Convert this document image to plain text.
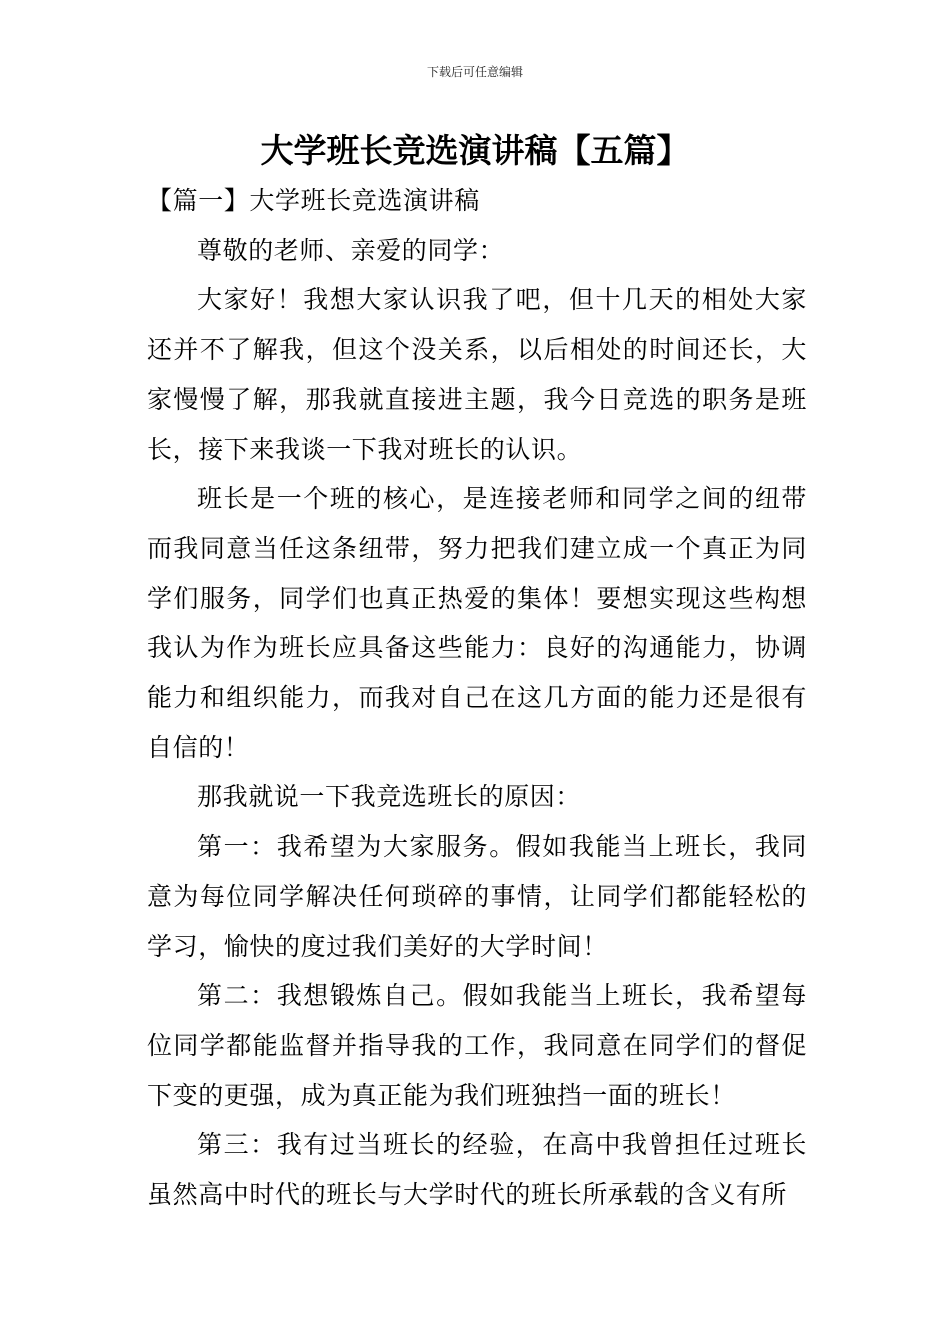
下载后可任意编辑
大学班长竞选演讲稿【五篇】

【篇一】大学班长竞选演讲稿

尊敬的老师、亲爱的同学：

大家好！我想大家认识我了吧，但十几天的相处大家还并不了解我，但这个没关系，以后相处的时间还长，大家慢慢了解，那我就直接进主题，我今日竞选的职务是班长，接下来我谈一下我对班长的认识。

班长是一个班的核心，是连接老师和同学之间的纽带而我同意当任这条纽带，努力把我们建立成一个真正为同学们服务，同学们也真正热爱的集体！要想实现这些构想我认为作为班长应具备这些能力：良好的沟通能力，协调能力和组织能力，而我对自己在这几方面的能力还是很有自信的！

那我就说一下我竞选班长的原因：

第一：我希望为大家服务。假如我能当上班长，我同意为每位同学解决任何琐碎的事情，让同学们都能轻松的学习，愉快的度过我们美好的大学时间！

第二：我想锻炼自己。假如我能当上班长，我希望每位同学都能监督并指导我的工作，我同意在同学们的督促下变的更强，成为真正能为我们班独挡一面的班长！

第三：我有过当班长的经验，在高中我曾担任过班长虽然高中时代的班长与大学时代的班长所承载的含义有所
